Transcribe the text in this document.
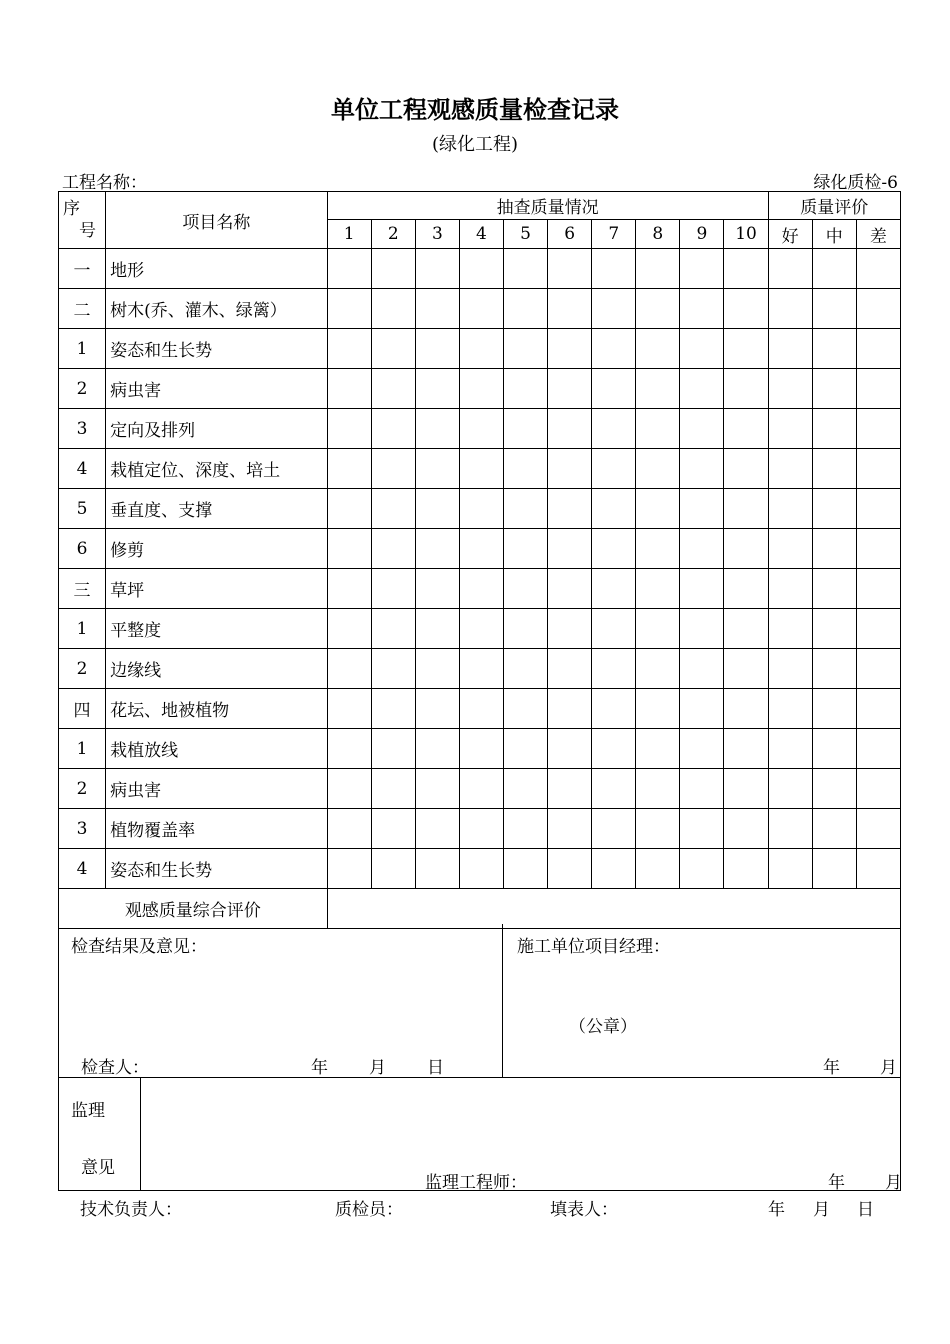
单位工程观感质量检查记录
(绿化工程)
工程名称：	绿化质检-6
序
号	项目名称	抽查质量情况										质量评价		
		1	2	3	4	5	6	7	8	9	10	好	中	差
一	地形													
二	树木(乔、灌木、绿篱）													
1	姿态和生长势													
2	病虫害													
3	定向及排列													
4	栽植定位、深度、培土													
5	垂直度、支撑													
6	修剪													
三	草坪													
1	平整度													
2	边缘线													
四	花坛、地被植物													
1	栽植放线													
2	病虫害													
3	植物覆盖率													
4	姿态和生长势													
观感质量综合评价														
检查结果及意见：
检查人：	年 月 日
施工单位项目经理：
（公章）
年 月
监理
意见
监理工程师：	年 月
技术负责人：	质检员：	填表人：	年 月 日
